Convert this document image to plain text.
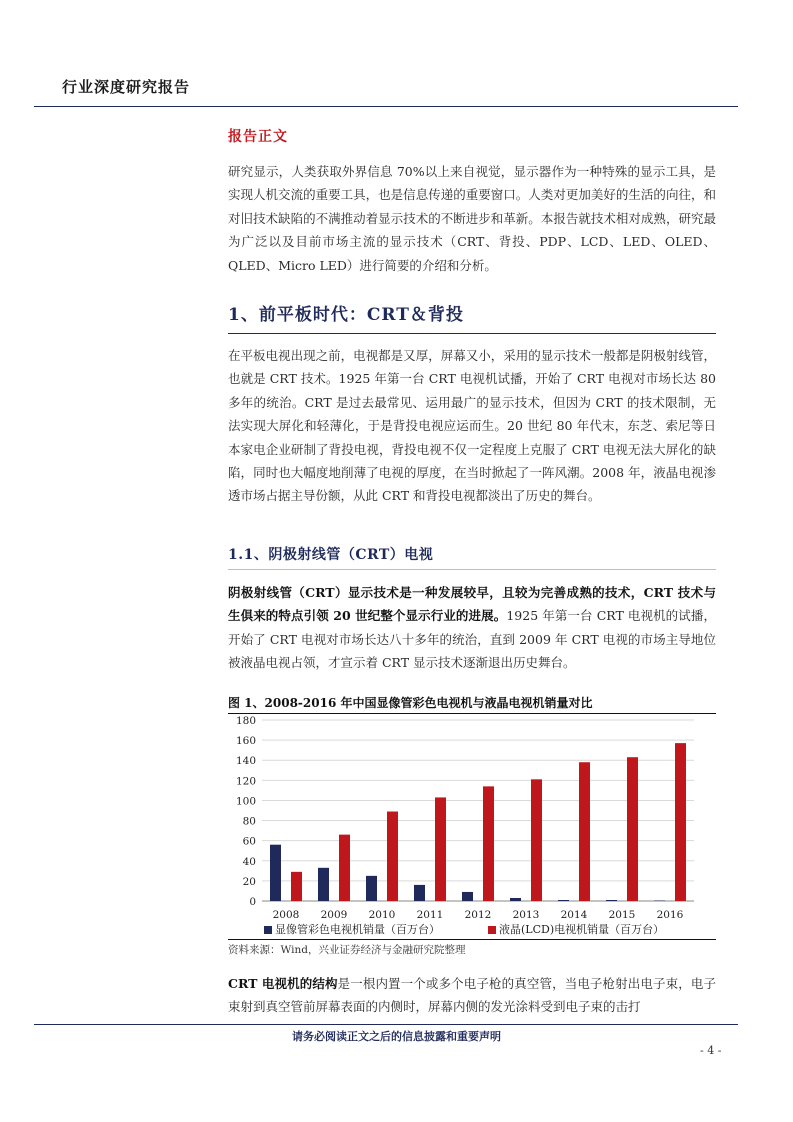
行业深度研究报告
报告正文
研究显示，人类获取外界信息 70%以上来自视觉，显示器作为一种特殊的显示工具，是实现人机交流的重要工具，也是信息传递的重要窗口。人类对更加美好的生活的向往，和对旧技术缺陷的不满推动着显示技术的不断进步和革新。本报告就技术相对成熟，研究最为广泛以及目前市场主流的显示技术（CRT、背投、PDP、LCD、LED、OLED、QLED、Micro LED）进行简要的介绍和分析。
1、前平板时代：CRT＆背投
在平板电视出现之前，电视都是又厚，屏幕又小，采用的显示技术一般都是阴极射线管，也就是 CRT 技术。1925 年第一台 CRT 电视机试播，开始了 CRT 电视对市场长达 80 多年的统治。CRT 是过去最常见、运用最广的显示技术，但因为 CRT 的技术限制，无法实现大屏化和轻薄化，于是背投电视应运而生。20 世纪 80 年代末，东芝、索尼等日本家电企业研制了背投电视，背投电视不仅一定程度上克服了 CRT 电视无法大屏化的缺陷，同时也大幅度地削薄了电视的厚度，在当时掀起了一阵风潮。2008 年，液晶电视渗透市场占据主导份额，从此 CRT 和背投电视都淡出了历史的舞台。
1.1、阴极射线管（CRT）电视
阴极射线管（CRT）显示技术是一种发展较早，且较为完善成熟的技术，CRT 技术与生俱来的特点引领 20 世纪整个显示行业的进展。1925 年第一台 CRT 电视机的试播，开始了 CRT 电视对市场长达八十多年的统治，直到 2009 年 CRT 电视的市场主导地位被液晶电视占领，才宣示着 CRT 显示技术逐渐退出历史舞台。
图 1、2008-2016 年中国显像管彩色电视机与液晶电视机销量对比
0
20
40
60
80
100
120
140
160
180
2008 2009 2010 2011 2012 2013 2014 2015 2016
显像管彩色电视机销量（百万台）	液晶(LCD)电视机销量（百万台）
资料来源：Wind，兴业证券经济与金融研究院整理
CRT 电视机的结构是一根内置一个或多个电子枪的真空管，当电子枪射出电子束，电子束射到真空管前屏幕表面的内侧时，屏幕内侧的发光涂料受到电子束的击打
请务必阅读正文之后的信息披露和重要声明
- 4 -
